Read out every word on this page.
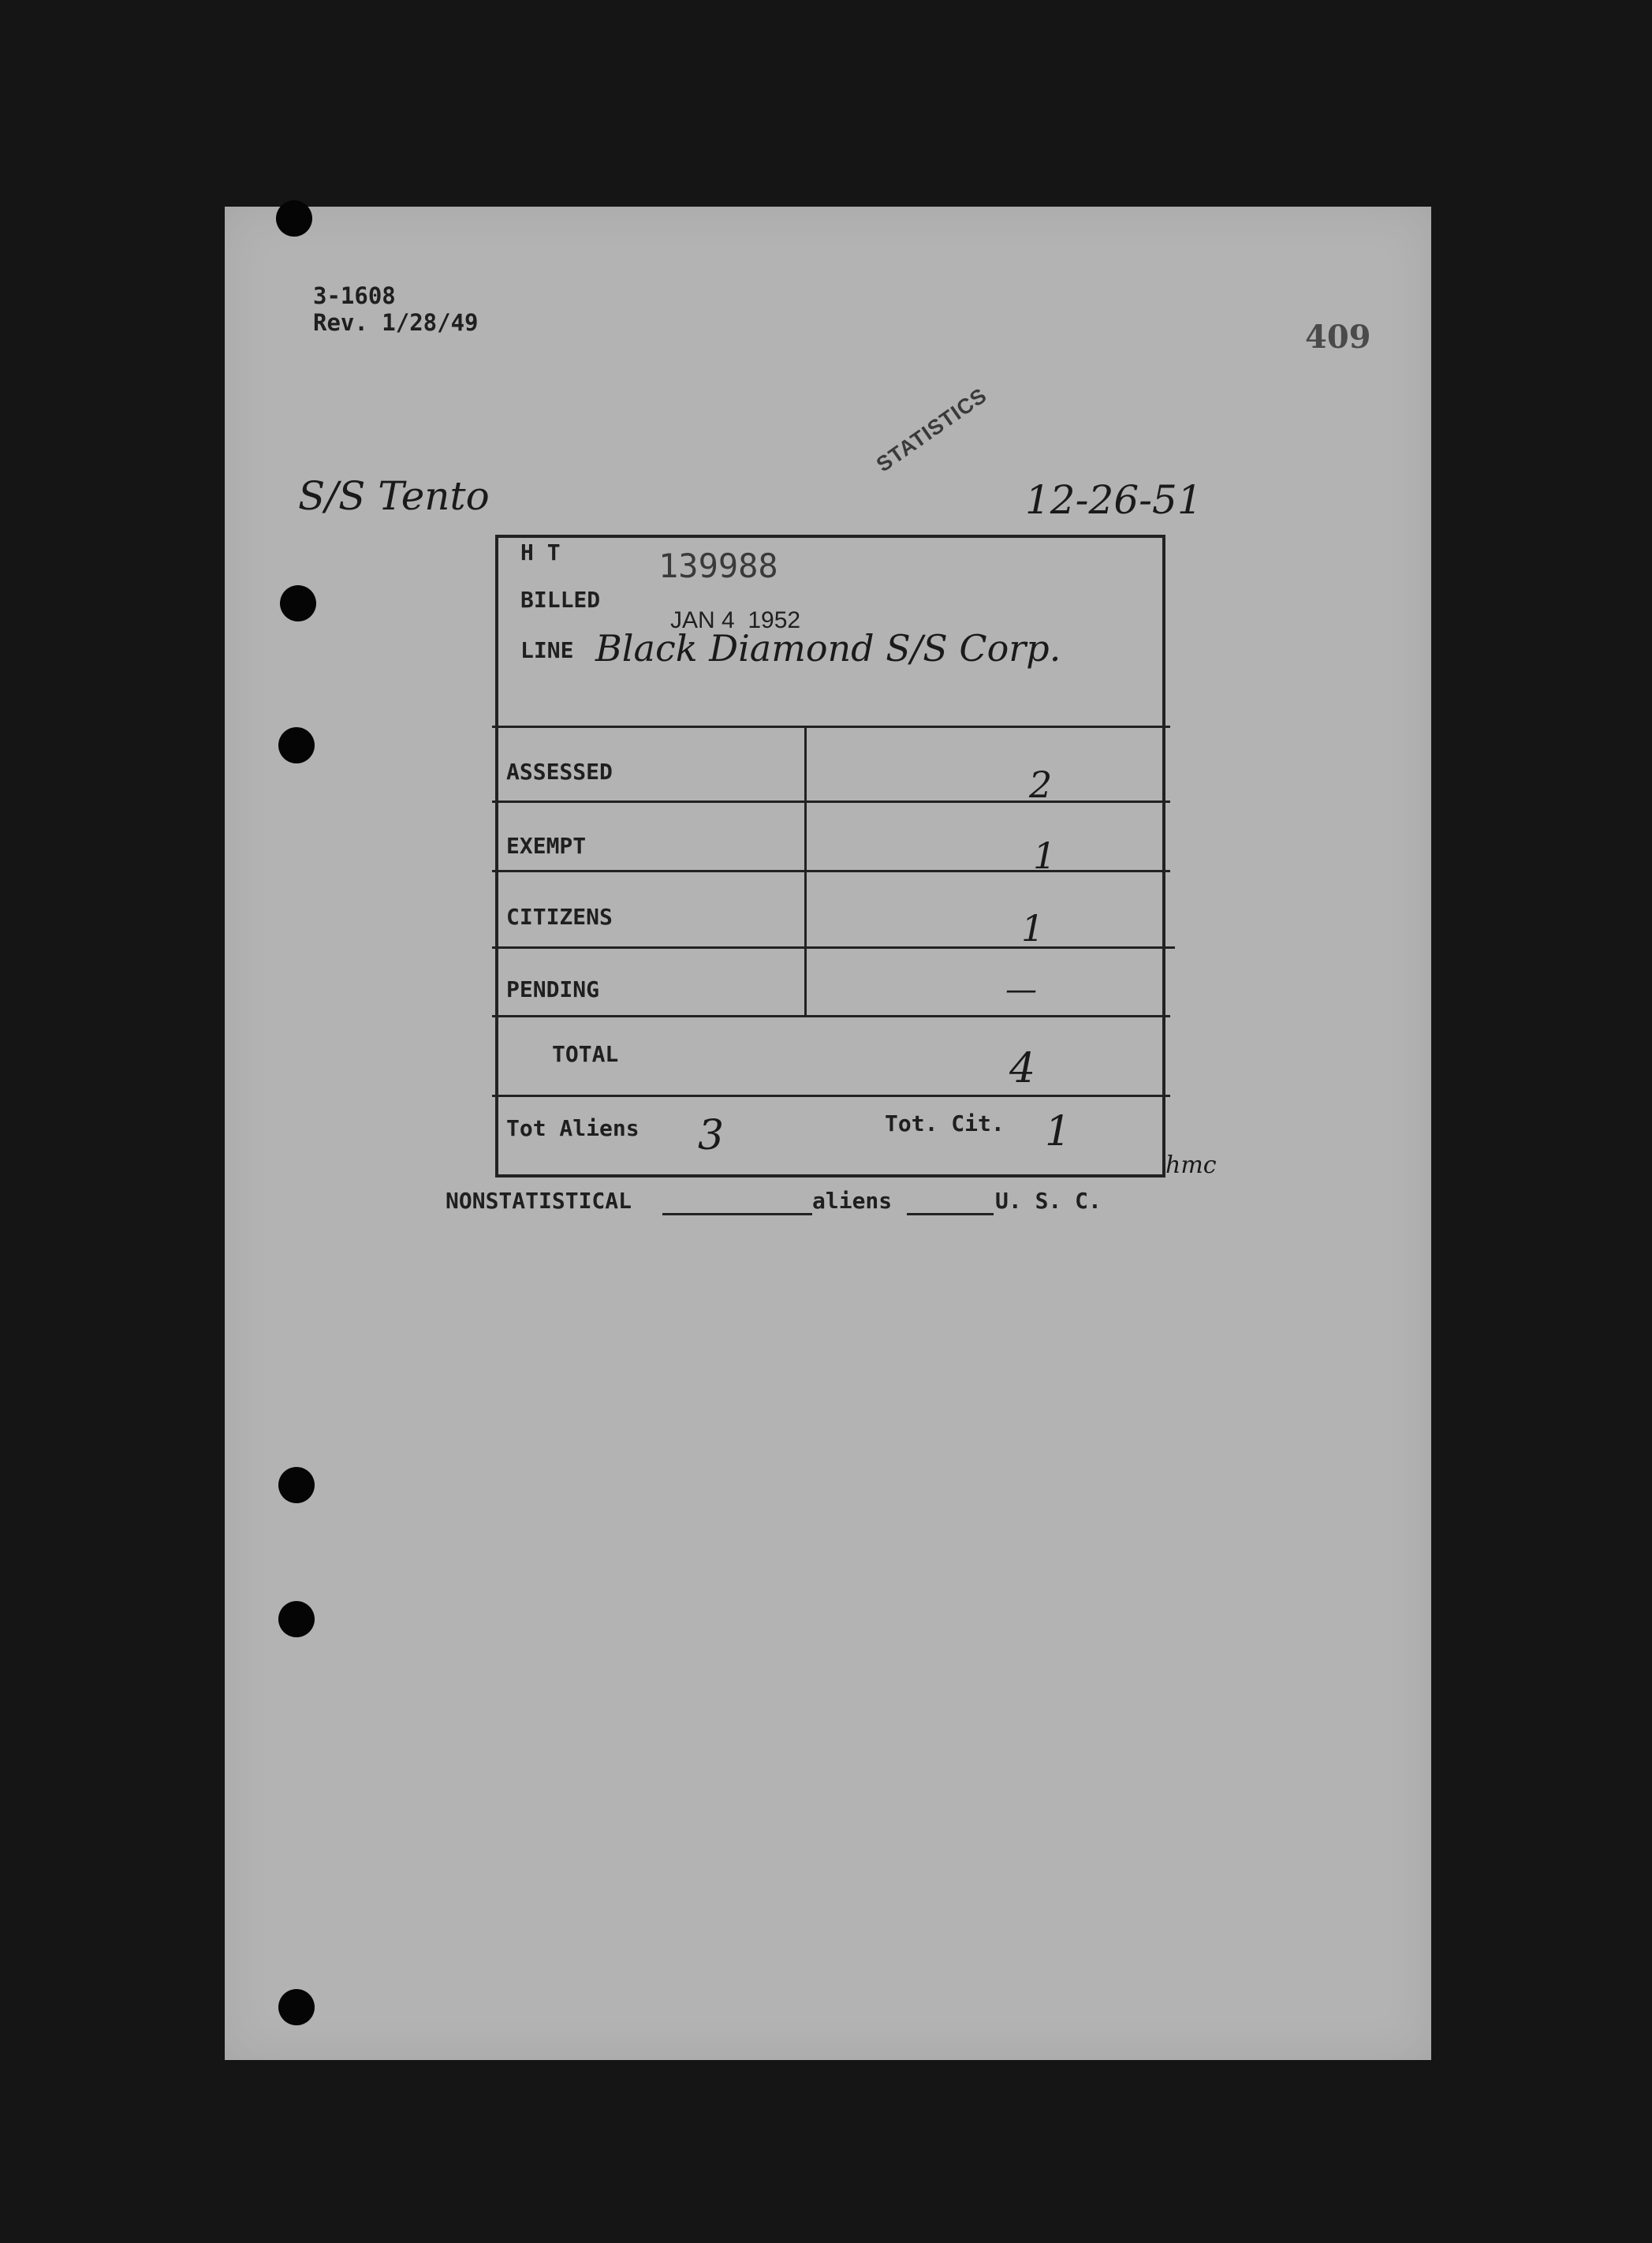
3-1608
Rev. 1/28/49	409
STATISTICS
S/S Tento	12-26-51
H T	139988
BILLED
JAN 4  1952
LINE Black Diamond S/S Corp.
ASSESSED	2
EXEMPT	1
CITIZENS	1
PENDING	—
TOTAL	4
Tot Aliens 3	Tot. Cit. 1
hmc
NONSTATISTICAL	aliens	U. S. C.
